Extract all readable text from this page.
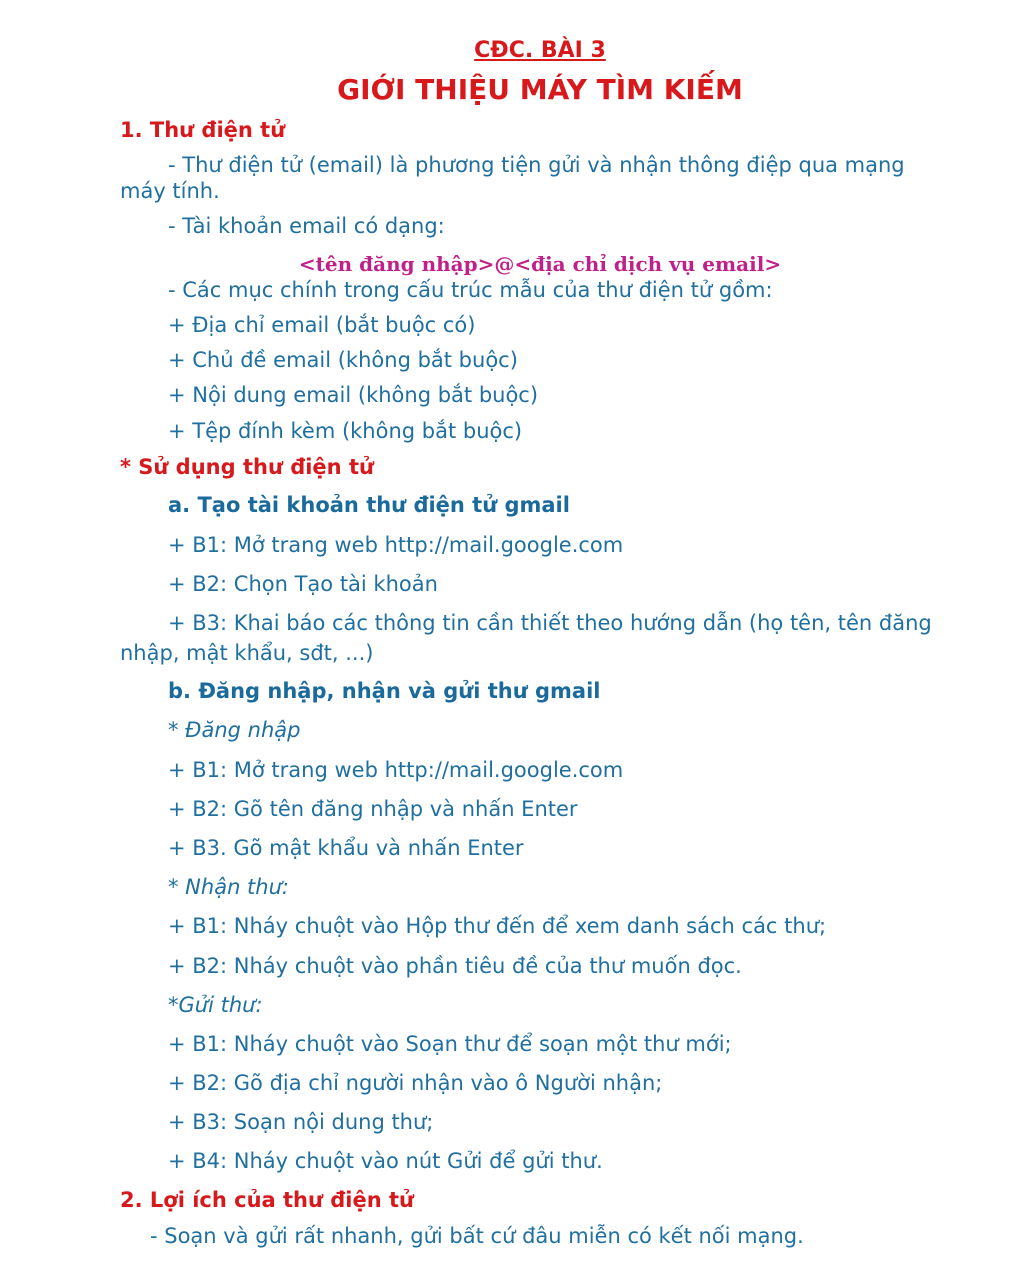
CĐC. BÀI 3
GIỚI THIỆU MÁY TÌM KIẾM
1. Thư điện tử
- Thư điện tử (email) là phương tiện gửi và nhận thông điệp qua mạng
máy tính.
- Tài khoản email có dạng:
<tên đăng nhập>@<địa chỉ dịch vụ email>
- Các mục chính trong cấu trúc mẫu của thư điện tử gồm:
+ Địa chỉ email (bắt buộc có)
+ Chủ đề email (không bắt buộc)
+ Nội dung email (không bắt buộc)
+ Tệp đính kèm (không bắt buộc)
* Sử dụng thư điện tử
a. Tạo tài khoản thư điện tử gmail
+ B1: Mở trang web http://mail.google.com
+ B2: Chọn Tạo tài khoản
+ B3: Khai báo các thông tin cần thiết theo hướng dẫn (họ tên, tên đăng
nhập, mật khẩu, sđt, ...)
b. Đăng nhập, nhận và gửi thư gmail
* Đăng nhập
+ B1: Mở trang web http://mail.google.com
+ B2: Gõ tên đăng nhập và nhấn Enter
+ B3. Gõ mật khẩu và nhấn Enter
* Nhận thư:
+ B1: Nháy chuột vào Hộp thư đến để xem danh sách các thư;
+ B2: Nháy chuột vào phần tiêu đề của thư muốn đọc.
*Gửi thư:
+ B1: Nháy chuột vào Soạn thư để soạn một thư mới;
+ B2: Gõ địa chỉ người nhận vào ô Người nhận;
+ B3: Soạn nội dung thư;
+ B4: Nháy chuột vào nút Gửi để gửi thư.
2. Lợi ích của thư điện tử
- Soạn và gửi rất nhanh, gửi bất cứ đâu miễn có kết nối mạng.
